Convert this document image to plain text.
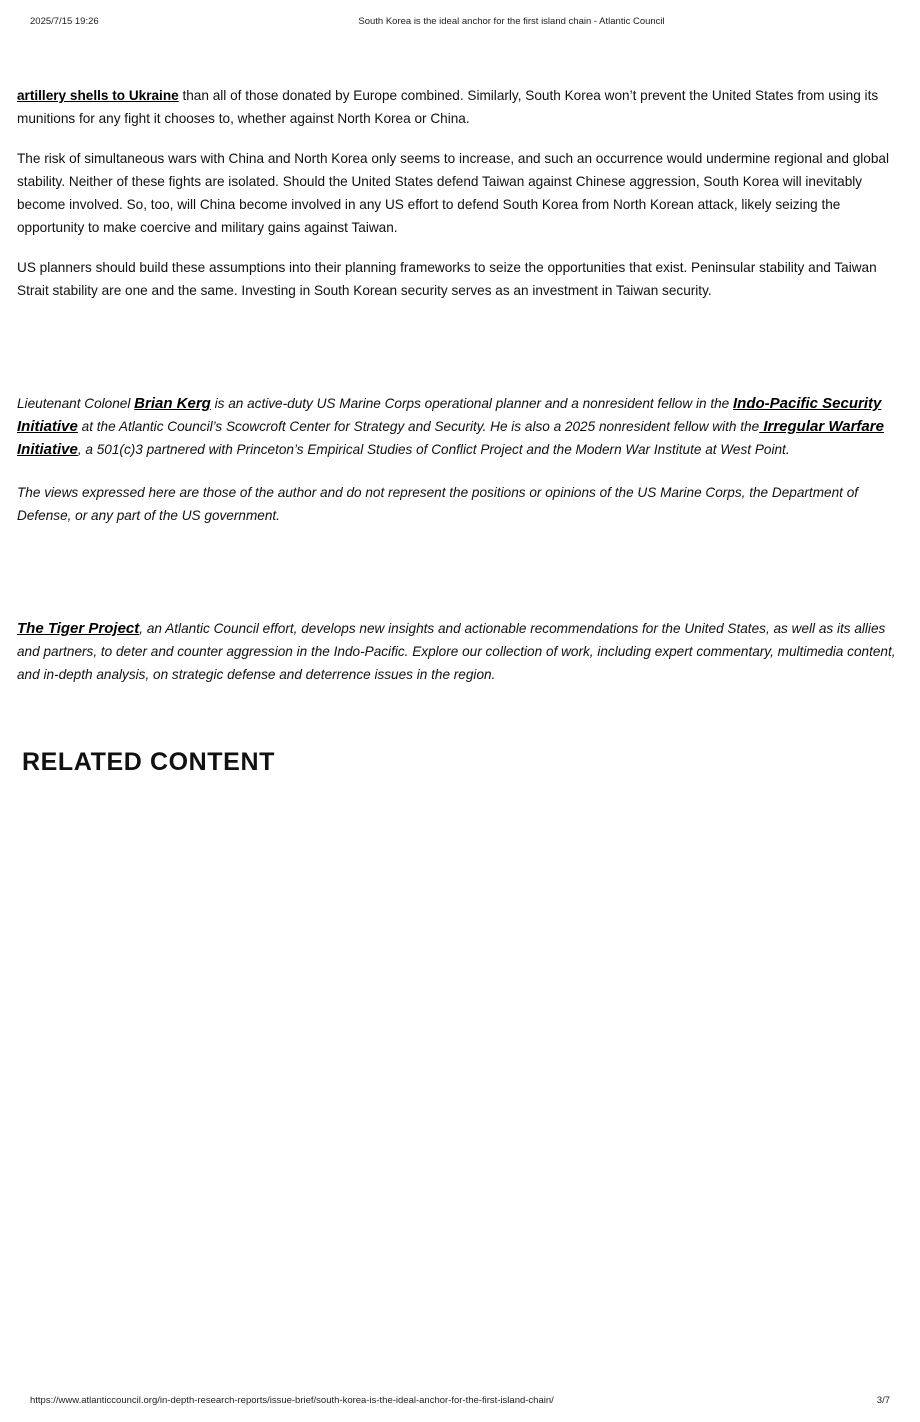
2025/7/15 19:26	South Korea is the ideal anchor for the first island chain - Atlantic Council

artillery shells to Ukraine than all of those donated by Europe combined. Similarly, South Korea won’t prevent the United States from using its munitions for any fight it chooses to, whether against North Korea or China.

The risk of simultaneous wars with China and North Korea only seems to increase, and such an occurrence would undermine regional and global stability. Neither of these fights are isolated. Should the United States defend Taiwan against Chinese aggression, South Korea will inevitably become involved. So, too, will China become involved in any US effort to defend South Korea from North Korean attack, likely seizing the opportunity to make coercive and military gains against Taiwan.

US planners should build these assumptions into their planning frameworks to seize the opportunities that exist. Peninsular stability and Taiwan Strait stability are one and the same. Investing in South Korean security serves as an investment in Taiwan security.

Lieutenant Colonel Brian Kerg is an active-duty US Marine Corps operational planner and a nonresident fellow in the Indo-Pacific Security Initiative at the Atlantic Council’s Scowcroft Center for Strategy and Security. He is also a 2025 nonresident fellow with the Irregular Warfare Initiative, a 501(c)3 partnered with Princeton’s Empirical Studies of Conflict Project and the Modern War Institute at West Point.

The views expressed here are those of the author and do not represent the positions or opinions of the US Marine Corps, the Department of Defense, or any part of the US government.

The Tiger Project, an Atlantic Council effort, develops new insights and actionable recommendations for the United States, as well as its allies and partners, to deter and counter aggression in the Indo-Pacific. Explore our collection of work, including expert commentary, multimedia content, and in-depth analysis, on strategic defense and deterrence issues in the region.

RELATED CONTENT
https://www.atlanticcouncil.org/in-depth-research-reports/issue-brief/south-korea-is-the-ideal-anchor-for-the-first-island-chain/	3/7
